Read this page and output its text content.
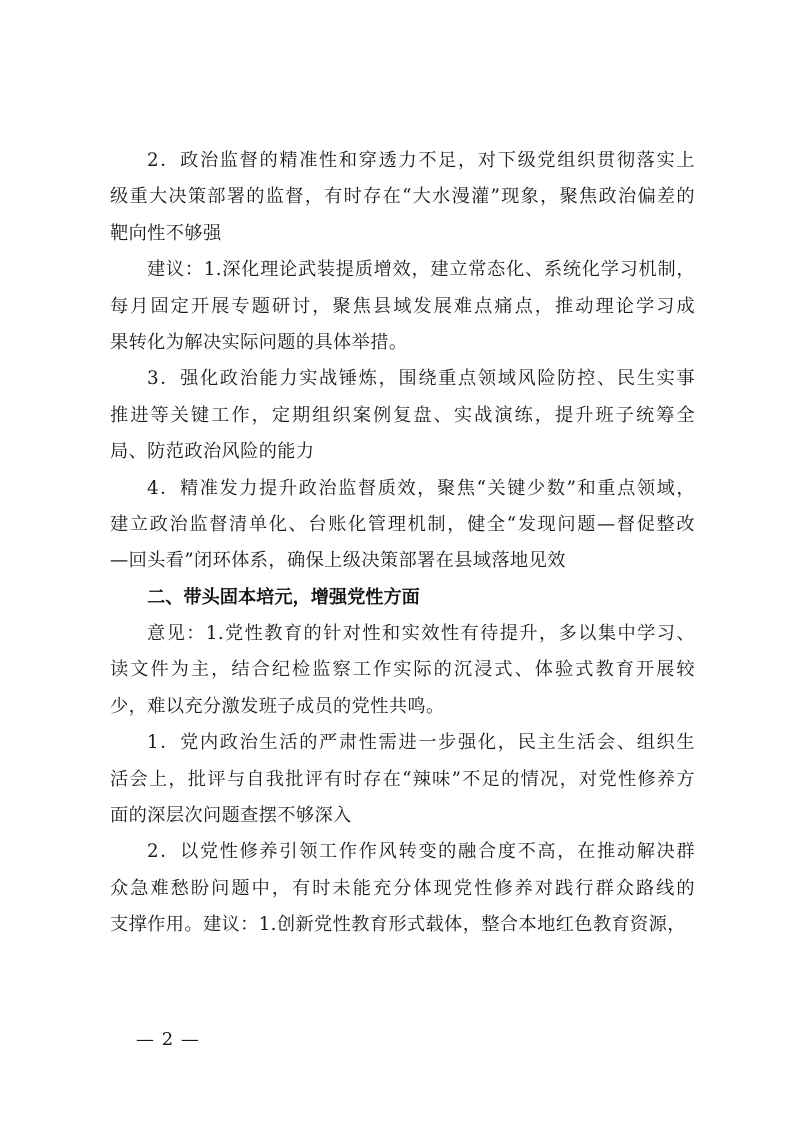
2．政治监督的精准性和穿透力不足，对下级党组织贯彻落实上
级重大决策部署的监督，有时存在“大水漫灌”现象，聚焦政治偏差的
靶向性不够强
建议：1.深化理论武装提质增效，建立常态化、系统化学习机制，
每月固定开展专题研讨，聚焦县域发展难点痛点，推动理论学习成
果转化为解决实际问题的具体举措。
3．强化政治能力实战锤炼，围绕重点领域风险防控、民生实事
推进等关键工作，定期组织案例复盘、实战演练，提升班子统筹全
局、防范政治风险的能力
4．精准发力提升政治监督质效，聚焦“关键少数”和重点领域，
建立政治监督清单化、台账化管理机制，健全“发现问题—督促整改
—回头看”闭环体系，确保上级决策部署在县域落地见效
二、带头固本培元，增强党性方面
意见：1.党性教育的针对性和实效性有待提升，多以集中学习、
读文件为主，结合纪检监察工作实际的沉浸式、体验式教育开展较
少，难以充分激发班子成员的党性共鸣。
1．党内政治生活的严肃性需进一步强化，民主生活会、组织生
活会上，批评与自我批评有时存在“辣味”不足的情况，对党性修养方
面的深层次问题查摆不够深入
2．以党性修养引领工作作风转变的融合度不高，在推动解决群
众急难愁盼问题中，有时未能充分体现党性修养对践行群众路线的
支撑作用。建议：1.创新党性教育形式载体，整合本地红色教育资源，
— 2 —
